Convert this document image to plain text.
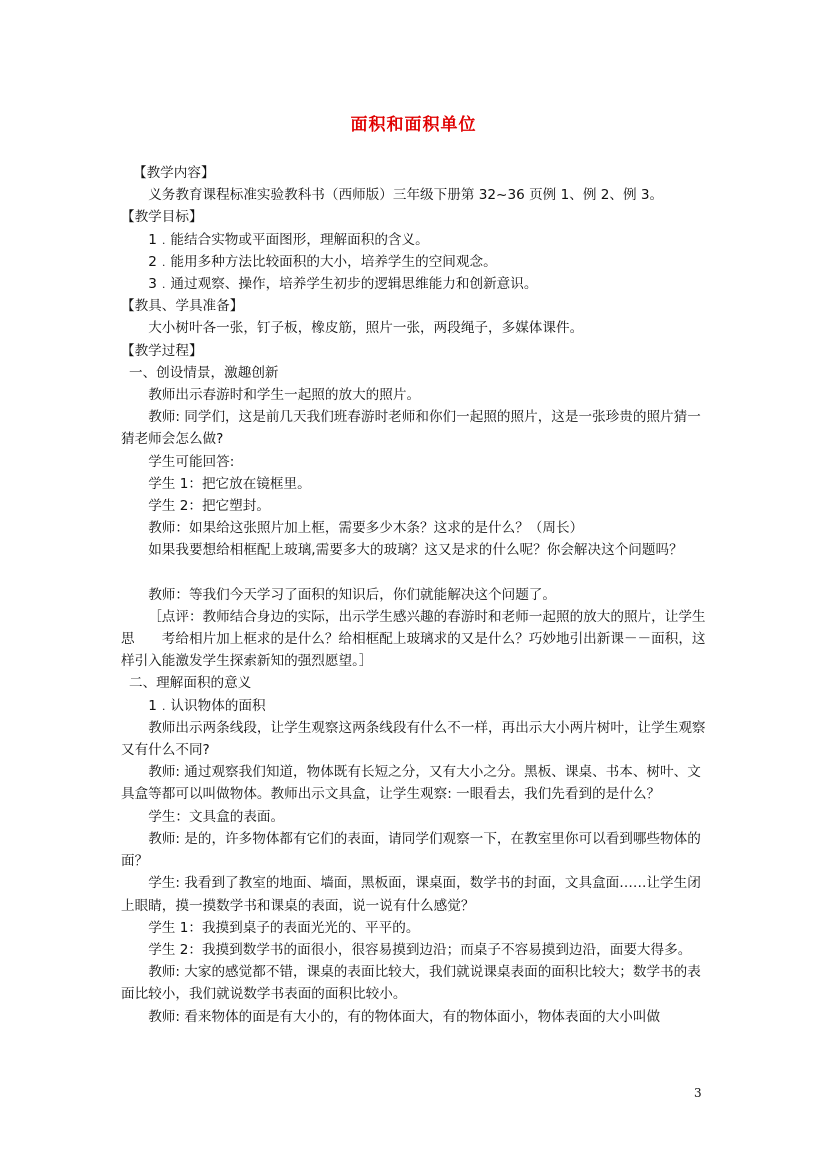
面积和面积单位

【教学内容】

义务教育课程标准实验教科书（西师版）三年级下册第 32~36 页例 1、例 2、例 3。

【教学目标】

1﹒能结合实物或平面图形，理解面积的含义。

2﹒能用多种方法比较面积的大小，培养学生的空间观念。

3﹒通过观察、操作，培养学生初步的逻辑思维能力和创新意识。

【教具、学具准备】

大小树叶各一张，钉子板，橡皮筋，照片一张，两段绳子，多媒体课件。

【教学过程】

一、创设情景，激趣创新

教师出示春游时和学生一起照的放大的照片。

教师: 同学们，这是前几天我们班春游时老师和你们一起照的照片，这是一张珍贵的照片猜一猜老师会怎么做?

学生可能回答:

学生 1：把它放在镜框里。

学生 2：把它塑封。

教师：如果给这张照片加上框，需要多少木条？这求的是什么？（周长）

如果我要想给相框配上玻璃,需要多大的玻璃？这又是求的什么呢？你会解决这个问题吗？

教师：等我们今天学习了面积的知识后，你们就能解决这个问题了。

［点评：教师结合身边的实际，出示学生感兴趣的春游时和老师一起照的放大的照片，让学生思　　考给相片加上框求的是什么？给相框配上玻璃求的又是什么？巧妙地引出新课－－面积，这样引入能激发学生探索新知的强烈愿望。］

二、理解面积的意义

1﹒认识物体的面积

教师出示两条线段，让学生观察这两条线段有什么不一样，再出示大小两片树叶，让学生观察又有什么不同?

教师: 通过观察我们知道，物体既有长短之分，又有大小之分。黑板、课桌、书本、树叶、文具盒等都可以叫做物体。教师出示文具盒，让学生观察: 一眼看去，我们先看到的是什么？

学生：文具盒的表面。

教师: 是的，许多物体都有它们的表面，请同学们观察一下，在教室里你可以看到哪些物体的面？

学生: 我看到了教室的地面、墙面，黑板面，课桌面，数学书的封面，文具盒面……让学生闭上眼睛，摸一摸数学书和课桌的表面，说一说有什么感觉？

学生 1：我摸到桌子的表面光光的、平平的。

学生 2：我摸到数学书的面很小，很容易摸到边沿；而桌子不容易摸到边沿，面要大得多。

教师: 大家的感觉都不错，课桌的表面比较大，我们就说课桌表面的面积比较大；数学书的表面比较小，我们就说数学书表面的面积比较小。

教师: 看来物体的面是有大小的，有的物体面大，有的物体面小，物体表面的大小叫做

3
